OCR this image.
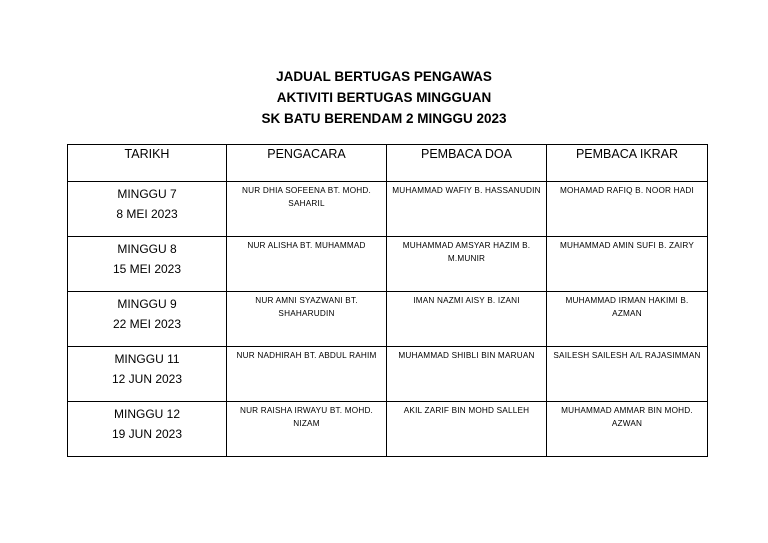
JADUAL BERTUGAS PENGAWAS
AKTIVITI BERTUGAS MINGGUAN
SK BATU BERENDAM 2 MINGGU 2023
TARIKH	PENGACARA	PEMBACA DOA	PEMBACA IKRAR

MINGGU 7
8 MEI 2023	NUR DHIA SOFEENA BT. MOHD. SAHARIL	MUHAMMAD WAFIY B. HASSANUDIN	MOHAMAD RAFIQ B. NOOR HADI

MINGGU 8
15 MEI 2023	NUR ALISHA BT. MUHAMMAD	MUHAMMAD AMSYAR HAZIM B. M.MUNIR	MUHAMMAD AMIN SUFI B. ZAIRY

MINGGU 9
22 MEI 2023	NUR AMNI SYAZWANI BT. SHAHARUDIN	IMAN NAZMI AISY B. IZANI	MUHAMMAD IRMAN HAKIMI B. AZMAN

MINGGU 11
12 JUN 2023	NUR NADHIRAH BT. ABDUL RAHIM	MUHAMMAD SHIBLI BIN MARUAN	SAILESH SAILESH A/L RAJASIMMAN

MINGGU 12
19 JUN 2023	NUR RAISHA IRWAYU BT. MOHD. NIZAM	AKIL ZARIF BIN MOHD SALLEH	MUHAMMAD AMMAR BIN MOHD. AZWAN
